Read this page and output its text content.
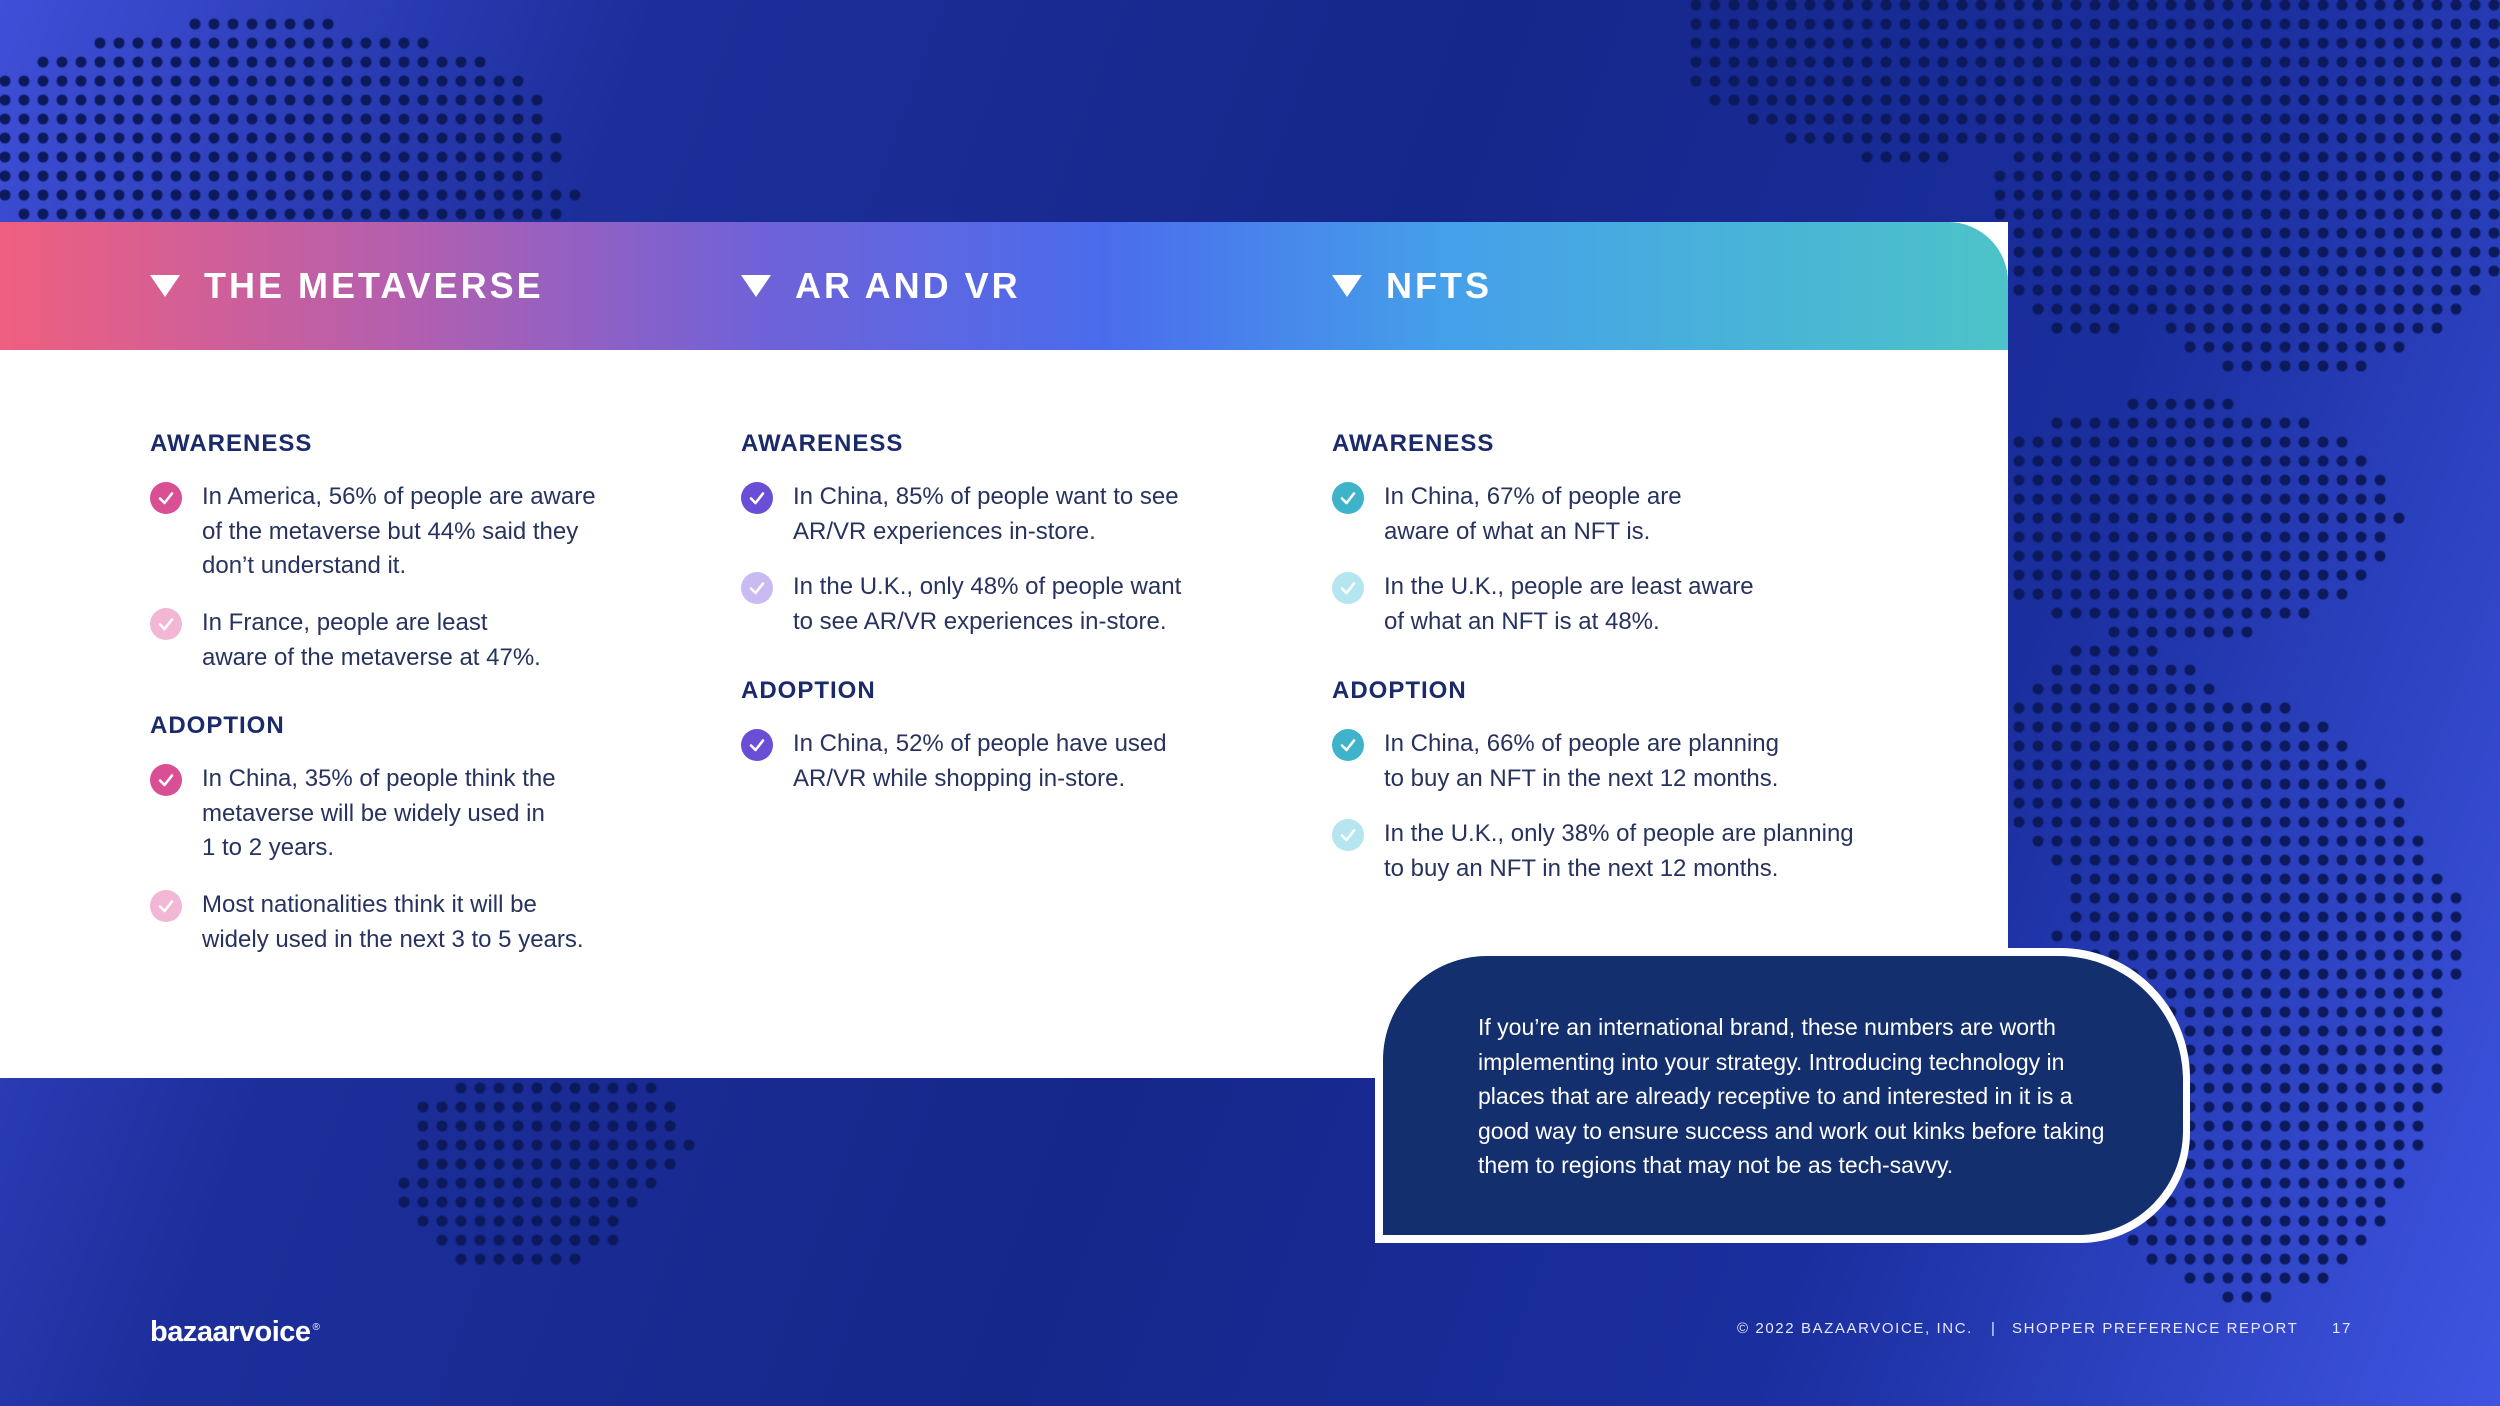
THE METAVERSE	AR AND VR	NFTS
AWARENESS
In America, 56% of people are aware
of the metaverse but 44% said they
don’t understand it.
In France, people are least
aware of the metaverse at 47%.
ADOPTION
In China, 35% of people think the
metaverse will be widely used in
1 to 2 years.
Most nationalities think it will be
widely used in the next 3 to 5 years.
AWARENESS
In China, 85% of people want to see
AR/VR experiences in-store.
In the U.K., only 48% of people want
to see AR/VR experiences in-store.
ADOPTION
In China, 52% of people have used
AR/VR while shopping in-store.
AWARENESS
In China, 67% of people are
aware of what an NFT is.
In the U.K., people are least aware
of what an NFT is at 48%.
ADOPTION
In China, 66% of people are planning
to buy an NFT in the next 12 months.
In the U.K., only 38% of people are planning
to buy an NFT in the next 12 months.
If you’re an international brand, these numbers are worth implementing into your strategy. Introducing technology in places that are already receptive to and interested in it is a good way to ensure success and work out kinks before taking them to regions that may not be as tech-savvy.
bazaarvoice ®	© 2022 BAZAARVOICE, INC. | SHOPPER PREFERENCE REPORT 17
